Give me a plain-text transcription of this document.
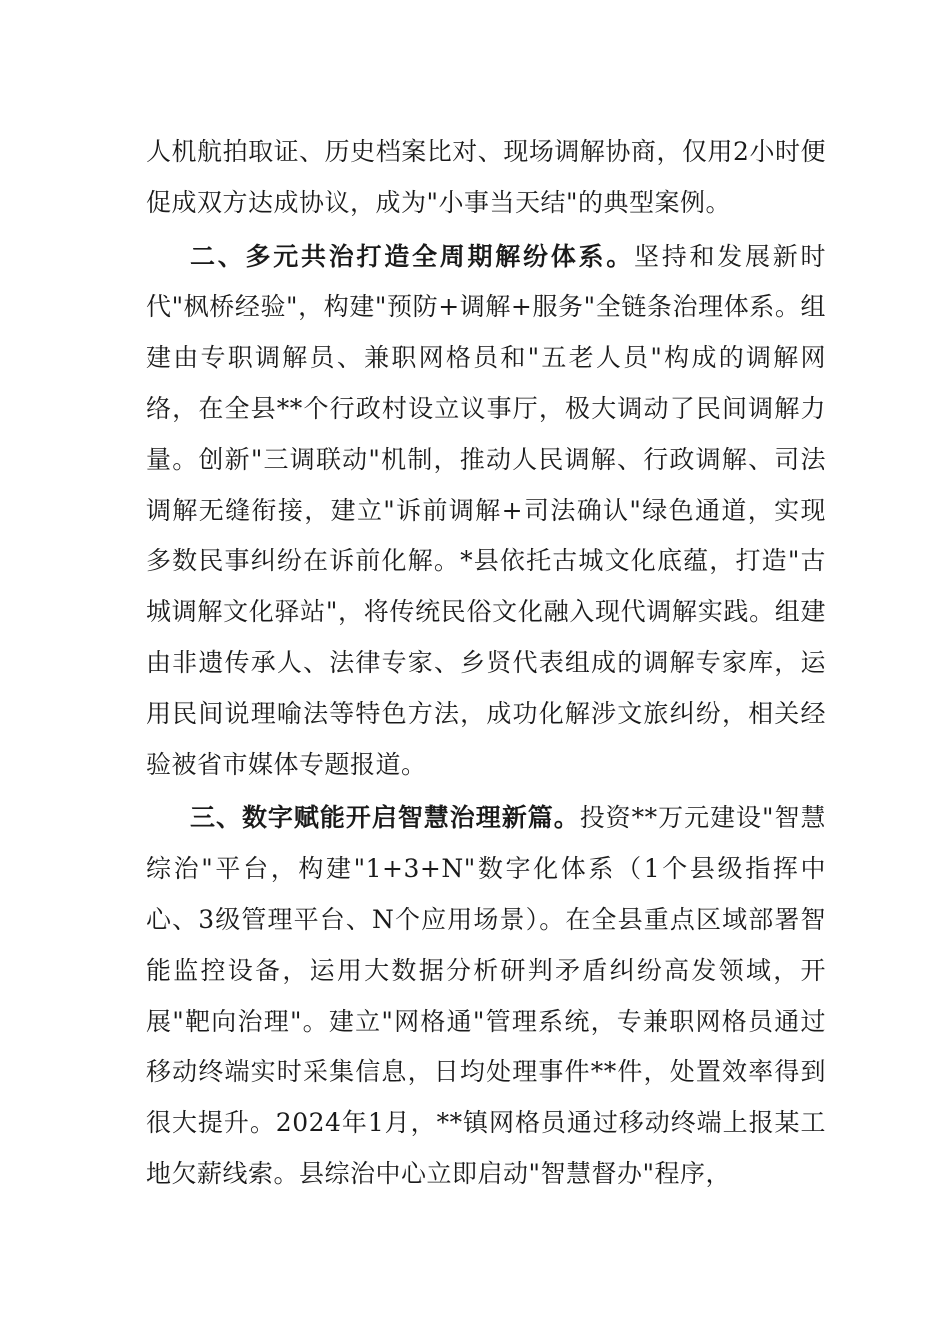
人机航拍取证、历史档案比对、现场调解协商，仅用2小时便促成双方达成协议，成为"小事当天结"的典型案例。

二、多元共治打造全周期解纷体系。坚持和发展新时代"枫桥经验"，构建"预防+调解+服务"全链条治理体系。组建由专职调解员、兼职网格员和"五老人员"构成的调解网络，在全县**个行政村设立议事厅，极大调动了民间调解力量。创新"三调联动"机制，推动人民调解、行政调解、司法调解无缝衔接，建立"诉前调解+司法确认"绿色通道，实现多数民事纠纷在诉前化解。*县依托古城文化底蕴，打造"古城调解文化驿站"，将传统民俗文化融入现代调解实践。组建由非遗传承人、法律专家、乡贤代表组成的调解专家库，运用民间说理喻法等特色方法，成功化解涉文旅纠纷，相关经验被省市媒体专题报道。

三、数字赋能开启智慧治理新篇。投资**万元建设"智慧综治"平台，构建"1+3+N"数字化体系（1个县级指挥中心、3级管理平台、N个应用场景）。在全县重点区域部署智能监控设备，运用大数据分析研判矛盾纠纷高发领域，开展"靶向治理"。建立"网格通"管理系统，专兼职网格员通过移动终端实时采集信息，日均处理事件**件，处置效率得到很大提升。2024年1月，**镇网格员通过移动终端上报某工地欠薪线索。县综治中心立即启动"智慧督办"程序，
